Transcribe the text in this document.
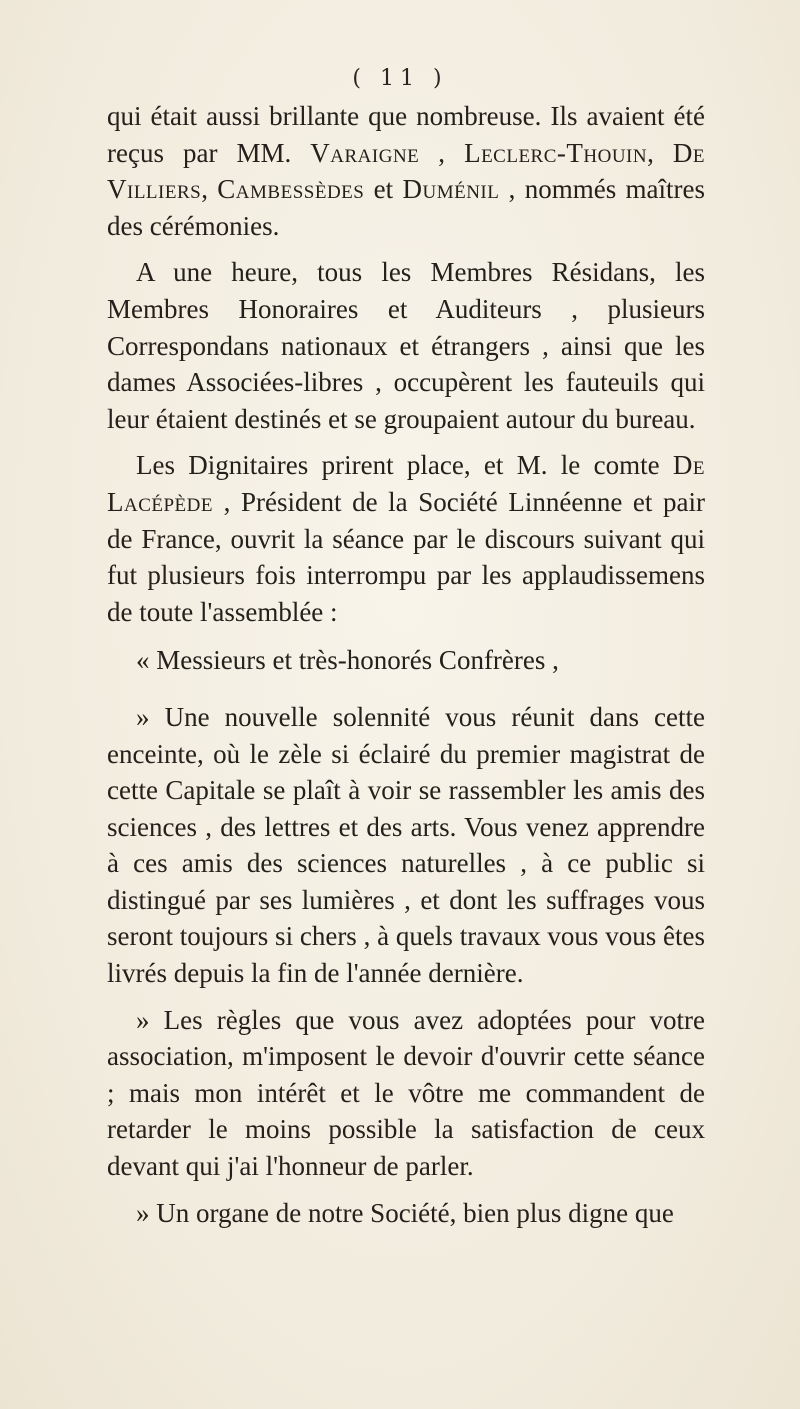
( 11 )

qui était aussi brillante que nombreuse. Ils avaient été reçus par MM. Varaigne , Leclerc-Thouin, De Villiers, Cambessèdes et Duménil , nommés maîtres des cérémonies.

A une heure, tous les Membres Résidans, les Membres Honoraires et Auditeurs , plusieurs Correspondans nationaux et étrangers , ainsi que les dames Associées-libres , occupèrent les fauteuils qui leur étaient destinés et se groupaient autour du bureau.

Les Dignitaires prirent place, et M. le comte De Lacépède , Président de la Société Linnéenne et pair de France, ouvrit la séance par le discours suivant qui fut plusieurs fois interrompu par les applaudissemens de toute l'assemblée :

« Messieurs et très-honorés Confrères ,

» Une nouvelle solennité vous réunit dans cette enceinte, où le zèle si éclairé du premier magistrat de cette Capitale se plaît à voir se rassembler les amis des sciences , des lettres et des arts. Vous venez apprendre à ces amis des sciences naturelles , à ce public si distingué par ses lumières , et dont les suffrages vous seront toujours si chers , à quels travaux vous vous êtes livrés depuis la fin de l'année dernière.

» Les règles que vous avez adoptées pour votre association, m'imposent le devoir d'ouvrir cette séance ; mais mon intérêt et le vôtre me commandent de retarder le moins possible la satisfaction de ceux devant qui j'ai l'honneur de parler.

» Un organe de notre Société, bien plus digne que
